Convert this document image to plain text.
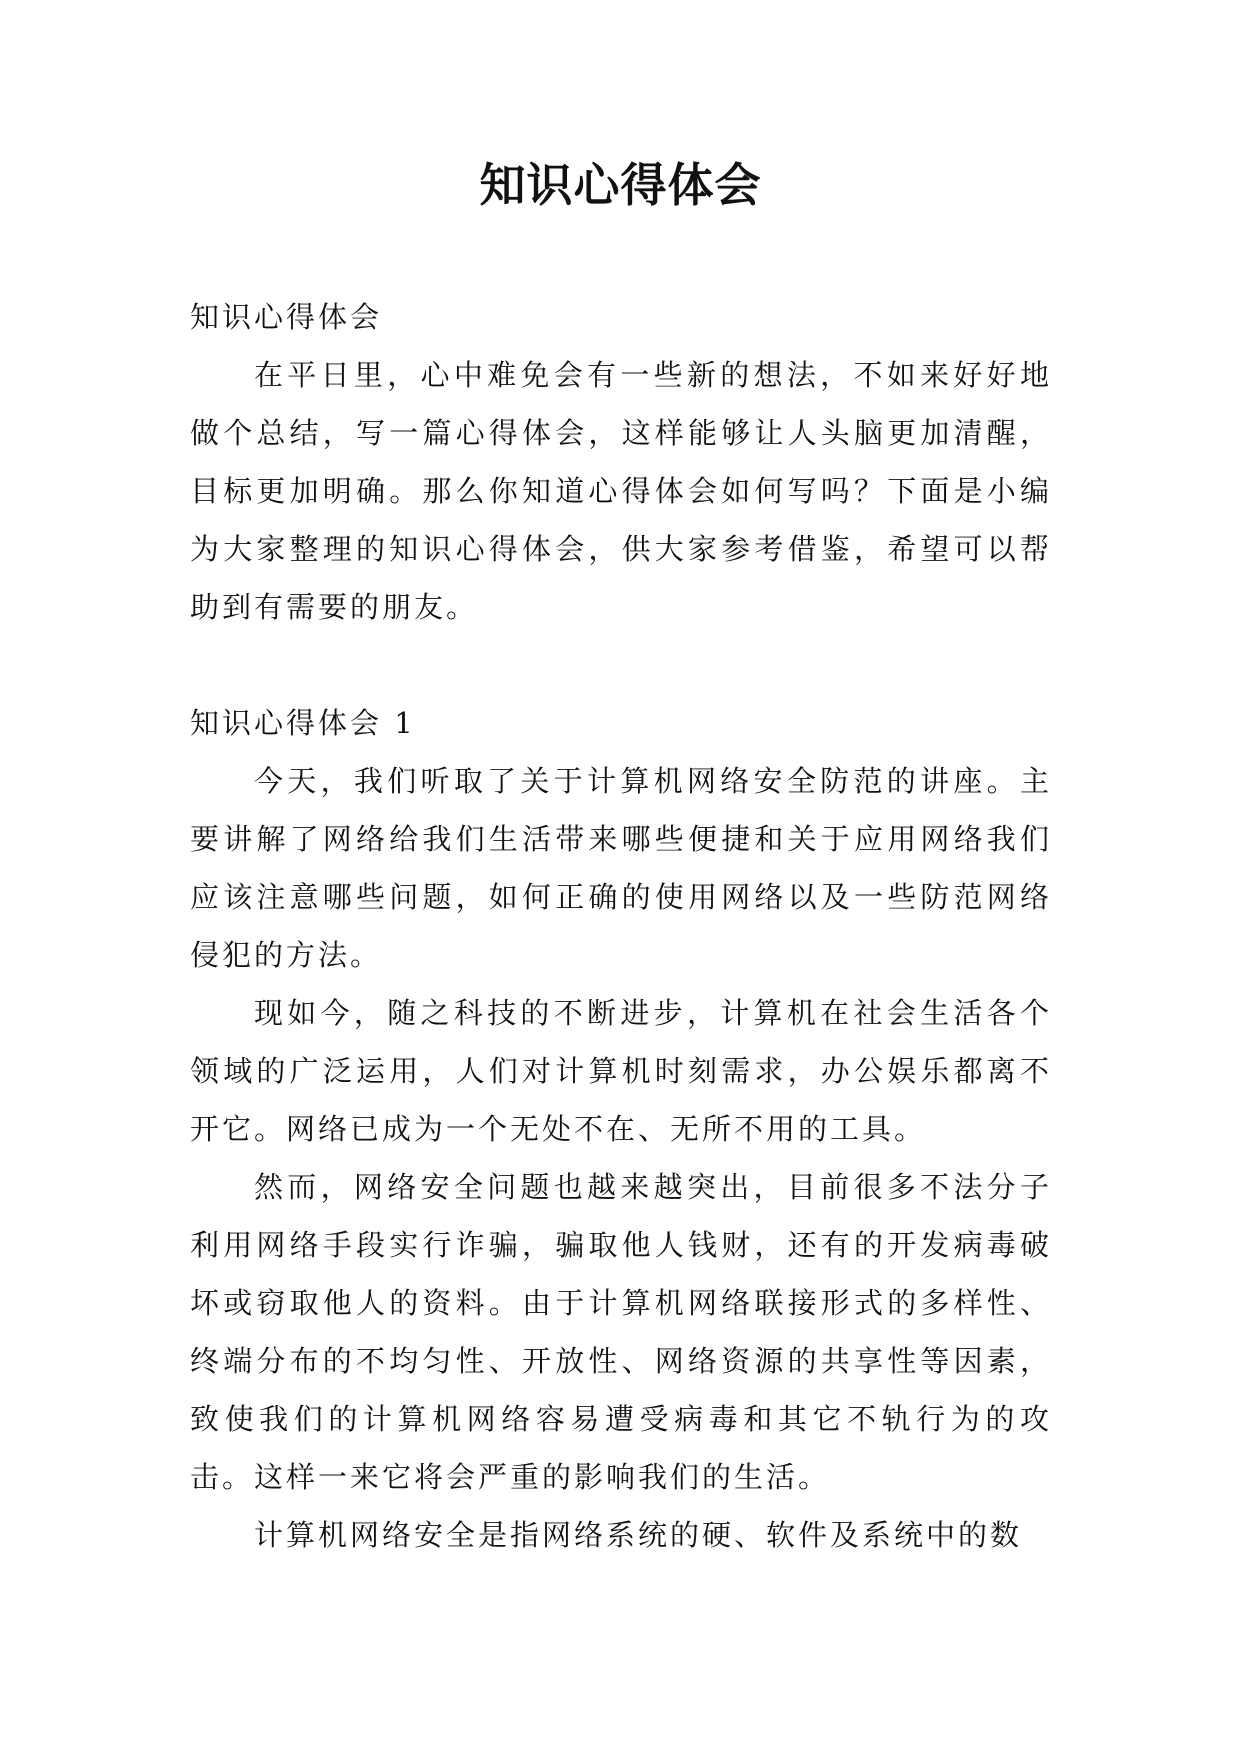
知识心得体会

知识心得体会

在平日里，心中难免会有一些新的想法，不如来好好地做个总结，写一篇心得体会，这样能够让人头脑更加清醒，目标更加明确。那么你知道心得体会如何写吗？下面是小编为大家整理的知识心得体会，供大家参考借鉴，希望可以帮助到有需要的朋友。

知识心得体会 1

今天，我们听取了关于计算机网络安全防范的讲座。主要讲解了网络给我们生活带来哪些便捷和关于应用网络我们应该注意哪些问题，如何正确的使用网络以及一些防范网络侵犯的方法。

现如今，随之科技的不断进步，计算机在社会生活各个领域的广泛运用，人们对计算机时刻需求，办公娱乐都离不开它。网络已成为一个无处不在、无所不用的工具。

然而，网络安全问题也越来越突出，目前很多不法分子利用网络手段实行诈骗，骗取他人钱财，还有的开发病毒破坏或窃取他人的资料。由于计算机网络联接形式的多样性、终端分布的不均匀性、开放性、网络资源的共享性等因素，致使我们的计算机网络容易遭受病毒和其它不轨行为的攻击。这样一来它将会严重的影响我们的生活。

计算机网络安全是指网络系统的硬、软件及系统中的数
